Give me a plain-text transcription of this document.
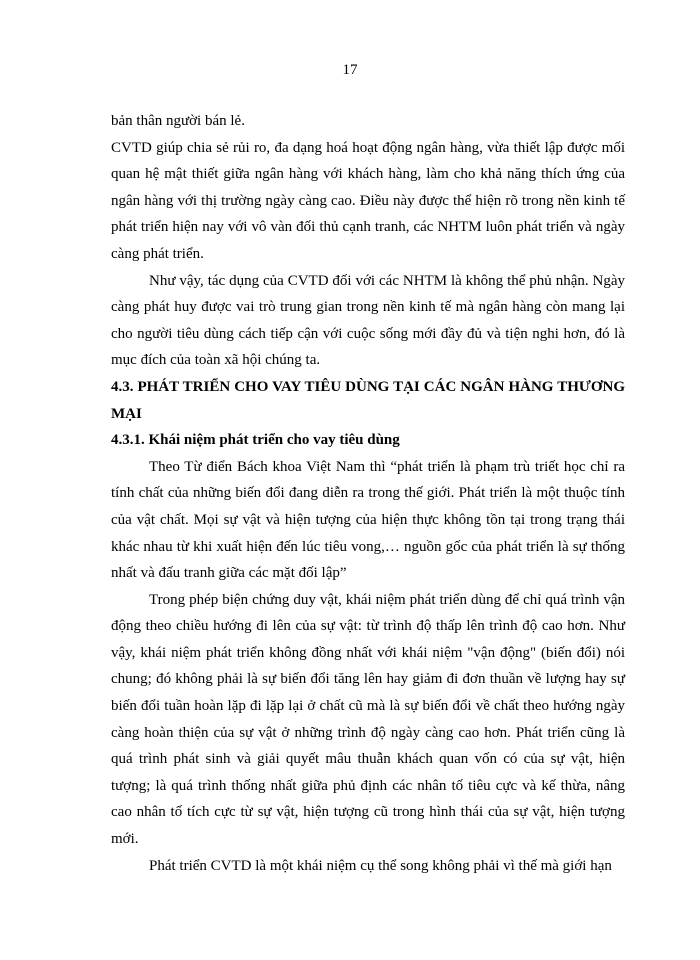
17

bản thân người bán lẻ.

CVTD giúp chia sẻ rủi ro, đa dạng hoá hoạt động ngân hàng, vừa thiết lập được mối quan hệ mật thiết giữa ngân hàng với khách hàng, làm cho khả năng thích ứng của ngân hàng với thị trường ngày càng cao. Điều này được thể hiện rõ trong nền kinh tế phát triển hiện nay với vô vàn đối thủ cạnh tranh, các NHTM luôn phát triển và ngày càng phát triển.

Như vậy, tác dụng của CVTD đối với các NHTM là không thể phủ nhận. Ngày càng phát huy được vai trò trung gian trong nền kinh tế mà ngân hàng còn mang lại cho người tiêu dùng cách tiếp cận với cuộc sống mới đầy đủ và tiện nghi hơn, đó là mục đích của toàn xã hội chúng ta.

4.3. PHÁT TRIỂN CHO VAY TIÊU DÙNG TẠI CÁC NGÂN HÀNG THƯƠNG MẠI
4.3.1. Khái niệm phát triển cho vay tiêu dùng

Theo Từ điển Bách khoa Việt Nam thì “phát triển là phạm trù triết học chỉ ra tính chất của những biến đổi đang diễn ra trong thế giới. Phát triển là một thuộc tính của vật chất. Mọi sự vật và hiện tượng của hiện thực không tồn tại trong trạng thái khác nhau từ khi xuất hiện đến lúc tiêu vong,… nguồn gốc của phát triển là sự thống nhất và đấu tranh giữa các mặt đối lập”

Trong phép biện chứng duy vật, khái niệm phát triển dùng để chỉ quá trình vận động theo chiều hướng đi lên của sự vật: từ trình độ thấp lên trình độ cao hơn. Như vậy, khái niệm phát triển không đồng nhất với khái niệm "vận động" (biến đổi) nói chung; đó không phải là sự biến đổi tăng lên hay giảm đi đơn thuần về lượng hay sự biến đổi tuần hoàn lặp đi lặp lại ở chất cũ mà là sự biến đổi về chất theo hướng ngày càng hoàn thiện của sự vật ở những trình độ ngày càng cao hơn. Phát triển cũng là quá trình phát sinh và giải quyết mâu thuẫn khách quan vốn có của sự vật, hiện tượng; là quá trình thống nhất giữa phủ định các nhân tố tiêu cực và kế thừa, nâng cao nhân tố tích cực từ sự vật, hiện tượng cũ trong hình thái của sự vật, hiện tượng mới.

Phát triển CVTD là một khái niệm cụ thể song không phải vì thế mà giới hạn
